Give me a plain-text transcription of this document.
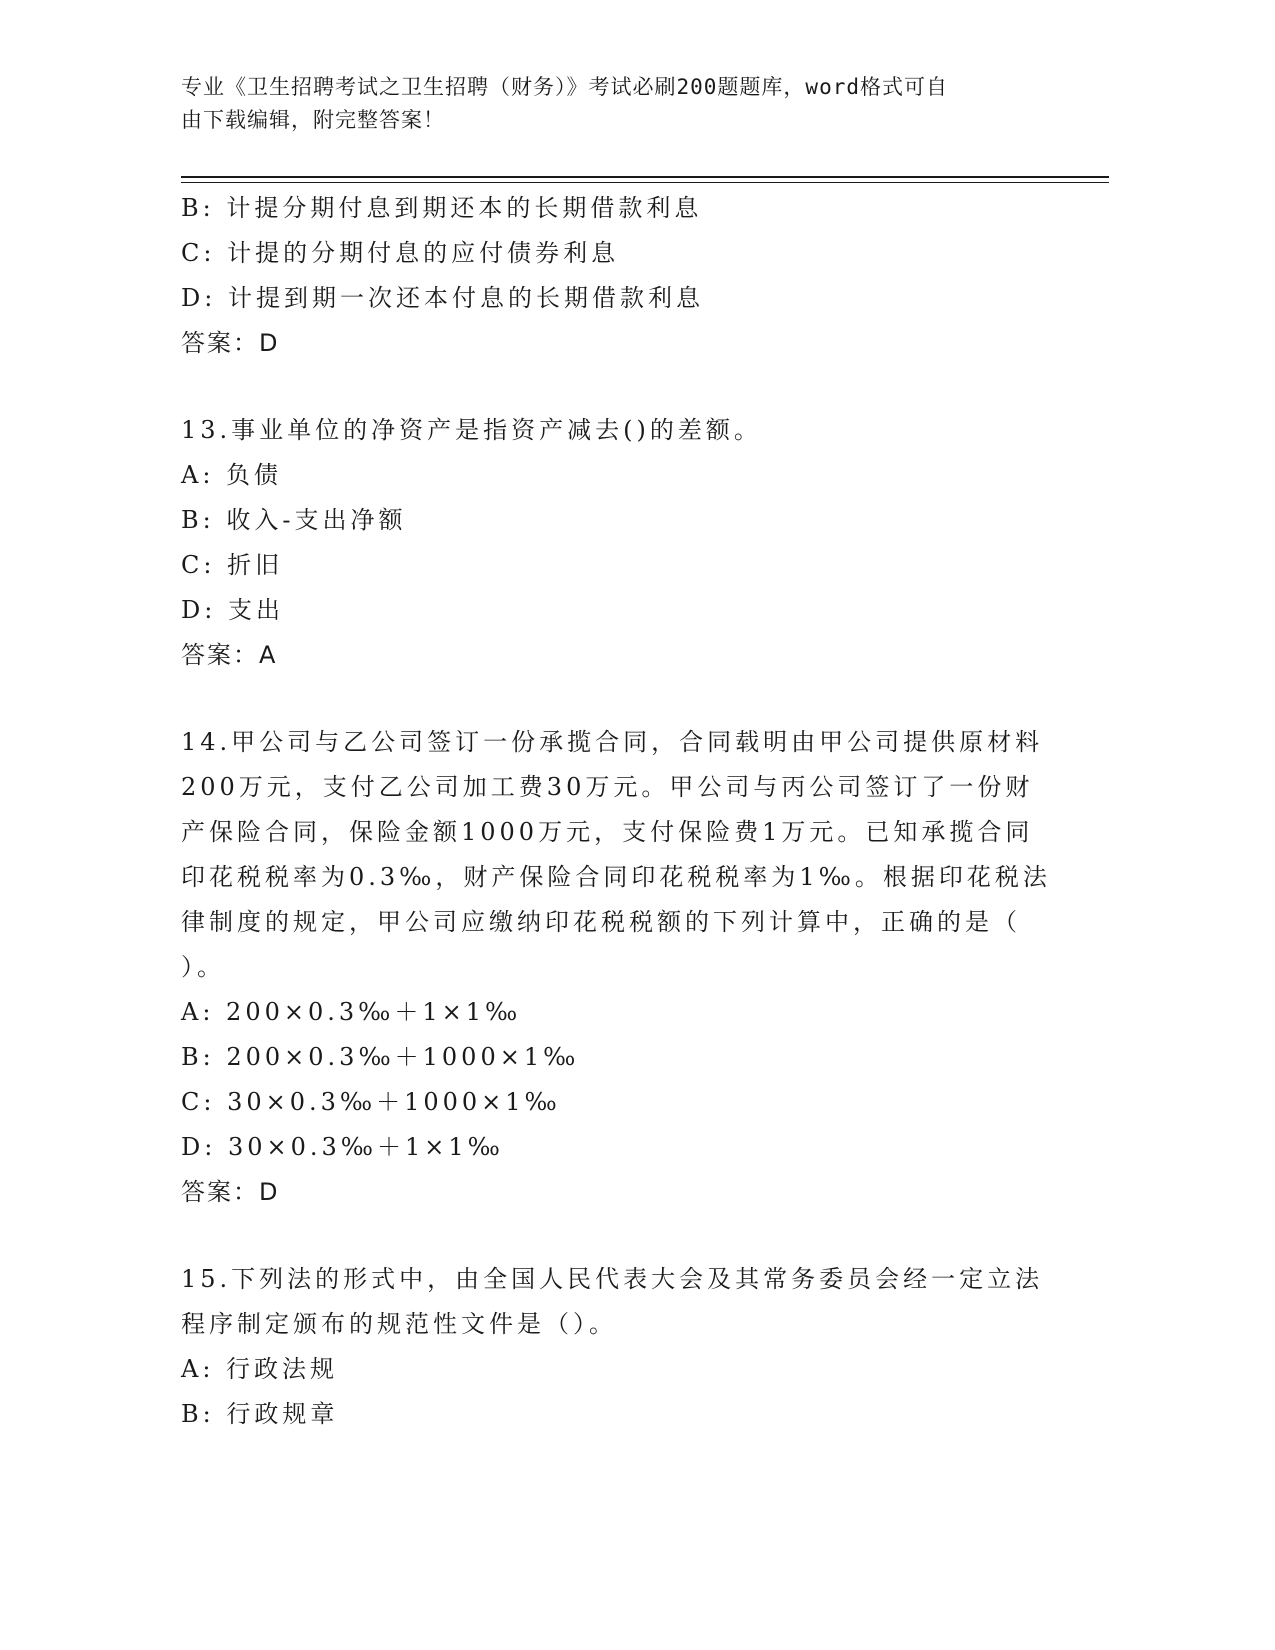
专业《卫生招聘考试之卫生招聘（财务）》考试必刷200题题库，word格式可自
由下载编辑，附完整答案！
B: 计提分期付息到期还本的长期借款利息
C: 计提的分期付息的应付债券利息
D: 计提到期一次还本付息的长期借款利息
答案：D
13.事业单位的净资产是指资产减去()的差额。
A: 负债
B: 收入-支出净额
C: 折旧
D: 支出
答案：A
14.甲公司与乙公司签订一份承揽合同，合同载明由甲公司提供原材料
200万元，支付乙公司加工费30万元。甲公司与丙公司签订了一份财
产保险合同，保险金额1000万元，支付保险费1万元。已知承揽合同
印花税税率为0.3‰，财产保险合同印花税税率为1‰。根据印花税法
律制度的规定，甲公司应缴纳印花税税额的下列计算中，正确的是（
）。
A: 200×0.3‰＋1×1‰
B: 200×0.3‰＋1000×1‰
C: 30×0.3‰＋1000×1‰
D: 30×0.3‰＋1×1‰
答案：D
15.下列法的形式中，由全国人民代表大会及其常务委员会经一定立法
程序制定颁布的规范性文件是（）。
A: 行政法规
B: 行政规章
